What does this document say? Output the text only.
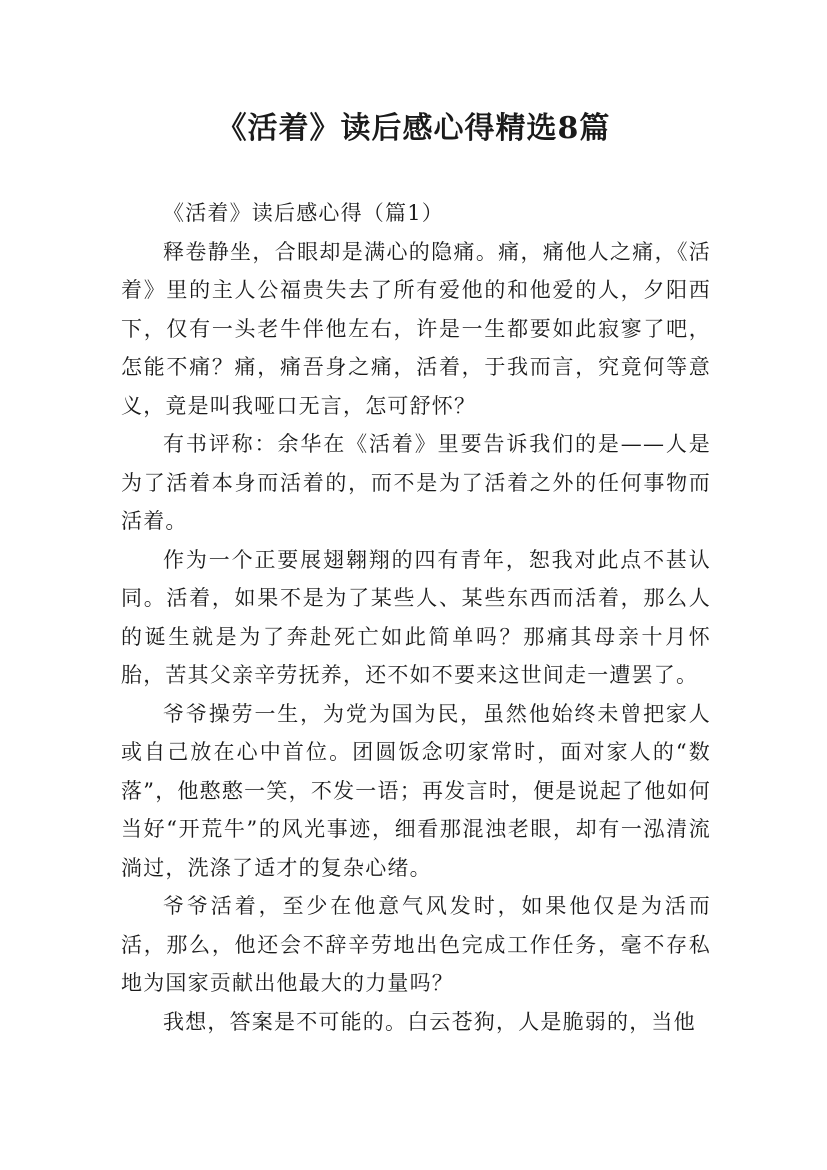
《活着》读后感心得精选8篇
《活着》读后感心得（篇1）

释卷静坐，合眼却是满心的隐痛。痛，痛他人之痛，《活着》里的主人公福贵失去了所有爱他的和他爱的人，夕阳西下，仅有一头老牛伴他左右，许是一生都要如此寂寥了吧，怎能不痛？痛，痛吾身之痛，活着，于我而言，究竟何等意义，竟是叫我哑口无言，怎可舒怀？

有书评称：余华在《活着》里要告诉我们的是——人是为了活着本身而活着的，而不是为了活着之外的任何事物而活着。

作为一个正要展翅翱翔的四有青年，恕我对此点不甚认同。活着，如果不是为了某些人、某些东西而活着，那么人的诞生就是为了奔赴死亡如此简单吗？那痛其母亲十月怀胎，苦其父亲辛劳抚养，还不如不要来这世间走一遭罢了。

爷爷操劳一生，为党为国为民，虽然他始终未曾把家人或自己放在心中首位。团圆饭念叨家常时，面对家人的“数落”，他憨憨一笑，不发一语；再发言时，便是说起了他如何当好“开荒牛”的风光事迹，细看那混浊老眼，却有一泓清流淌过，洗涤了适才的复杂心绪。

爷爷活着，至少在他意气风发时，如果他仅是为活而活，那么，他还会不辞辛劳地出色完成工作任务，毫不存私地为国家贡献出他最大的力量吗？

我想，答案是不可能的。白云苍狗，人是脆弱的，当他
